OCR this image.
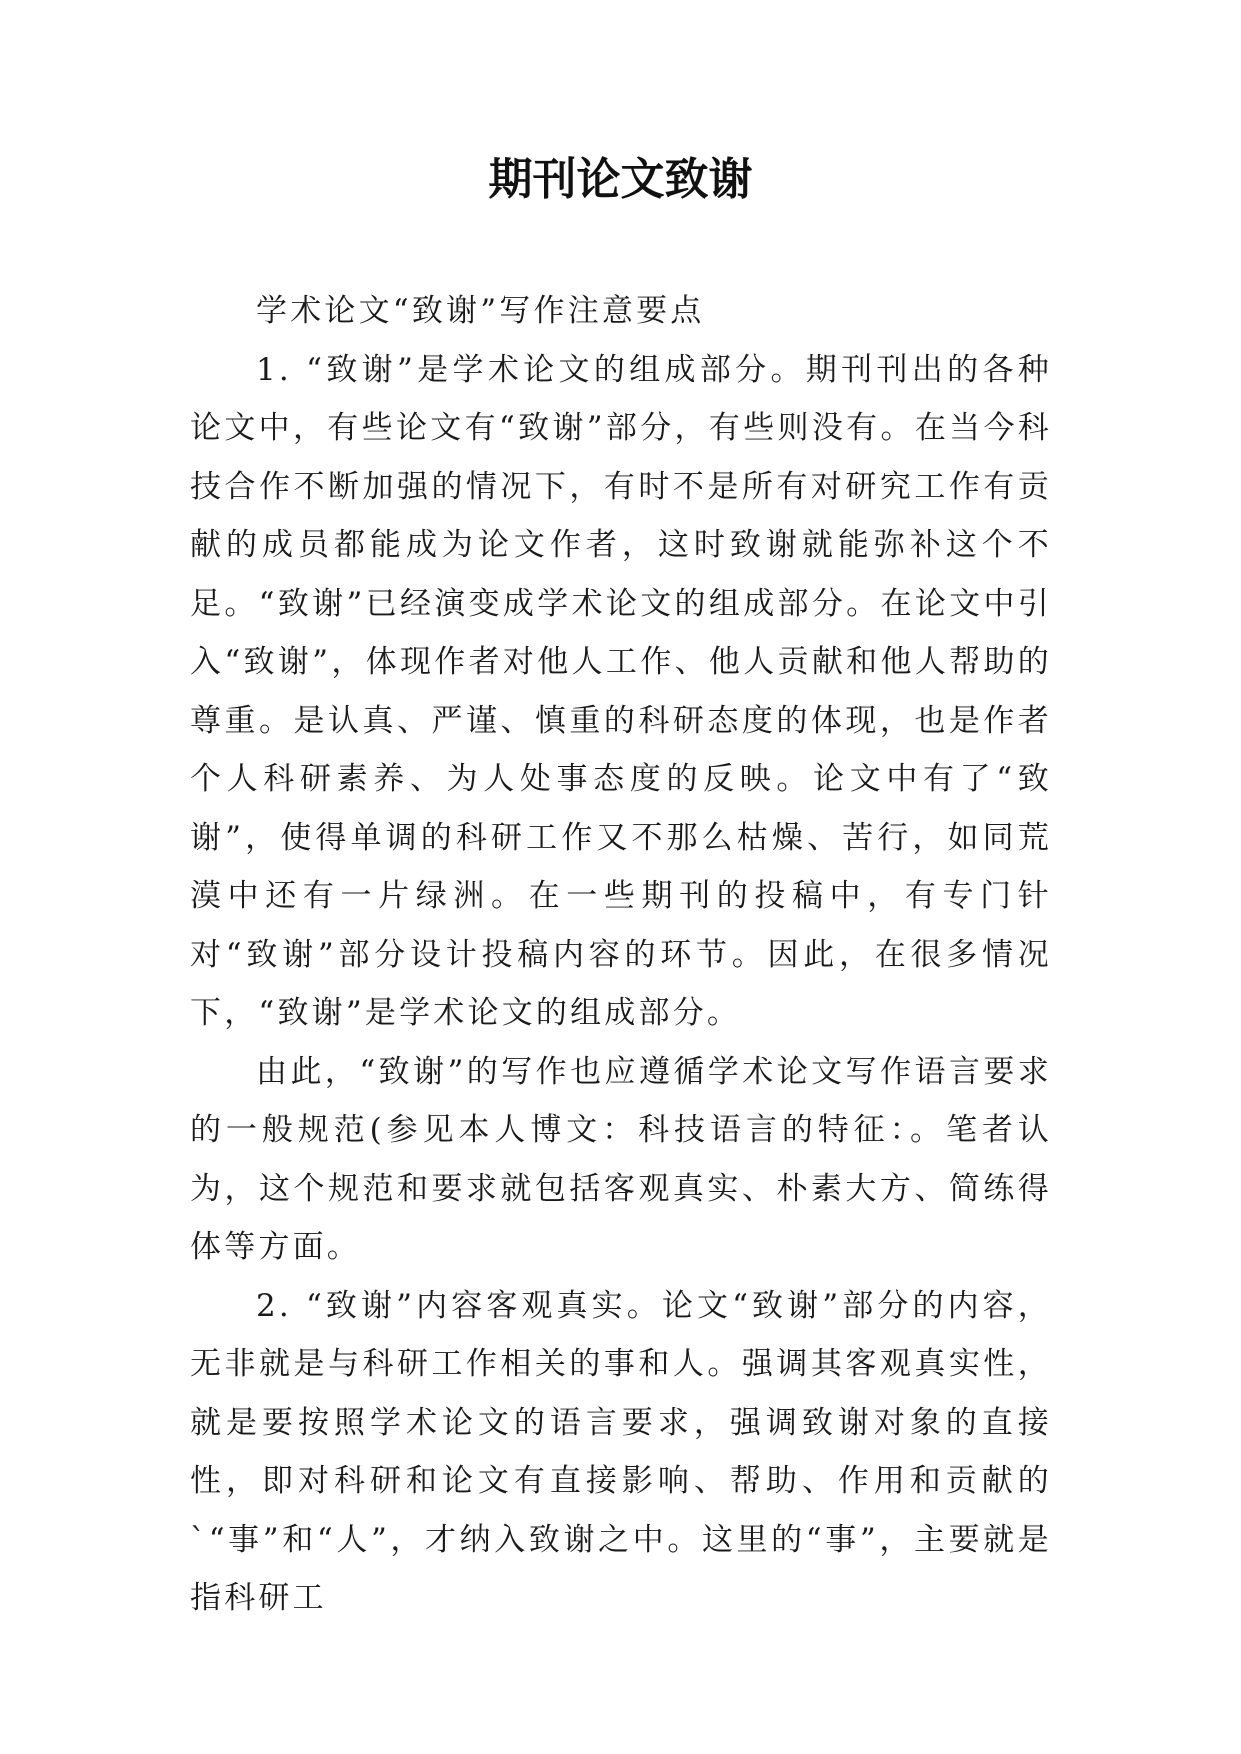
期刊论文致谢

学术论文“致谢”写作注意要点

1. “致谢”是学术论文的组成部分。期刊刊出的各种论文中，有些论文有“致谢”部分，有些则没有。在当今科技合作不断加强的情况下，有时不是所有对研究工作有贡献的成员都能成为论文作者，这时致谢就能弥补这个不足。“致谢”已经演变成学术论文的组成部分。在论文中引入“致谢”，体现作者对他人工作、他人贡献和他人帮助的尊重。是认真、严谨、慎重的科研态度的体现，也是作者个人科研素养、为人处事态度的反映。论文中有了“致谢”，使得单调的科研工作又不那么枯燥、苦行，如同荒漠中还有一片绿洲。在一些期刊的投稿中，有专门针对“致谢”部分设计投稿内容的环节。因此，在很多情况下，“致谢”是学术论文的组成部分。

由此，“致谢”的写作也应遵循学术论文写作语言要求的一般规范(参见本人博文：科技语言的特征：。笔者认为，这个规范和要求就包括客观真实、朴素大方、简练得体等方面。

2. “致谢”内容客观真实。论文“致谢”部分的内容，无非就是与科研工作相关的事和人。强调其客观真实性，就是要按照学术论文的语言要求，强调致谢对象的直接性，即对科研和论文有直接影响、帮助、作用和贡献的`“事”和“人”，才纳入致谢之中。这里的“事”，主要就是指科研工
